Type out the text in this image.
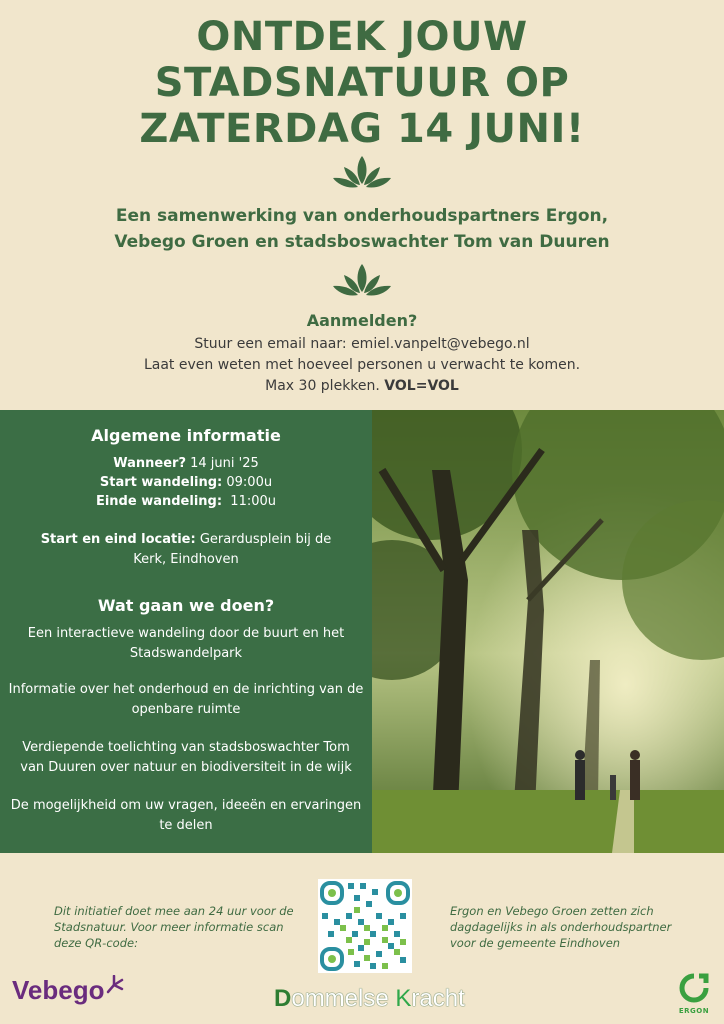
ONTDEK JOUW
STADSNATUUR OP
ZATERDAG 14 JUNI!
Een samenwerking van onderhoudspartners Ergon,
Vebego Groen en stadsboswachter Tom van Duuren
Aanmelden?
Stuur een email naar: emiel.vanpelt@vebego.nl
Laat even weten met hoeveel personen u verwacht te komen.
Max 30 plekken. VOL=VOL
Algemene informatie
Wanneer? 14 juni '25
Start wandeling: 09:00u
Einde wandeling:  11:00u
Start en eind locatie: Gerardusplein bij de
Kerk, Eindhoven
Wat gaan we doen?
Een interactieve wandeling door de buurt en het
Stadswandelpark
Informatie over het onderhoud en de inrichting van de
openbare ruimte
Verdiepende toelichting van stadsboswachter Tom
van Duuren over natuur en biodiversiteit in de wijk
De mogelijkheid om uw vragen, ideeën en ervaringen
te delen
Dit initiatief doet mee aan 24 uur voor de
Stadsnatuur. Voor meer informatie scan
deze QR-code:
Ergon en Vebego Groen zetten zich
dagdagelijks in als onderhoudspartner
voor de gemeente Eindhoven
Vebego	Dommelse Kracht	ERGON
